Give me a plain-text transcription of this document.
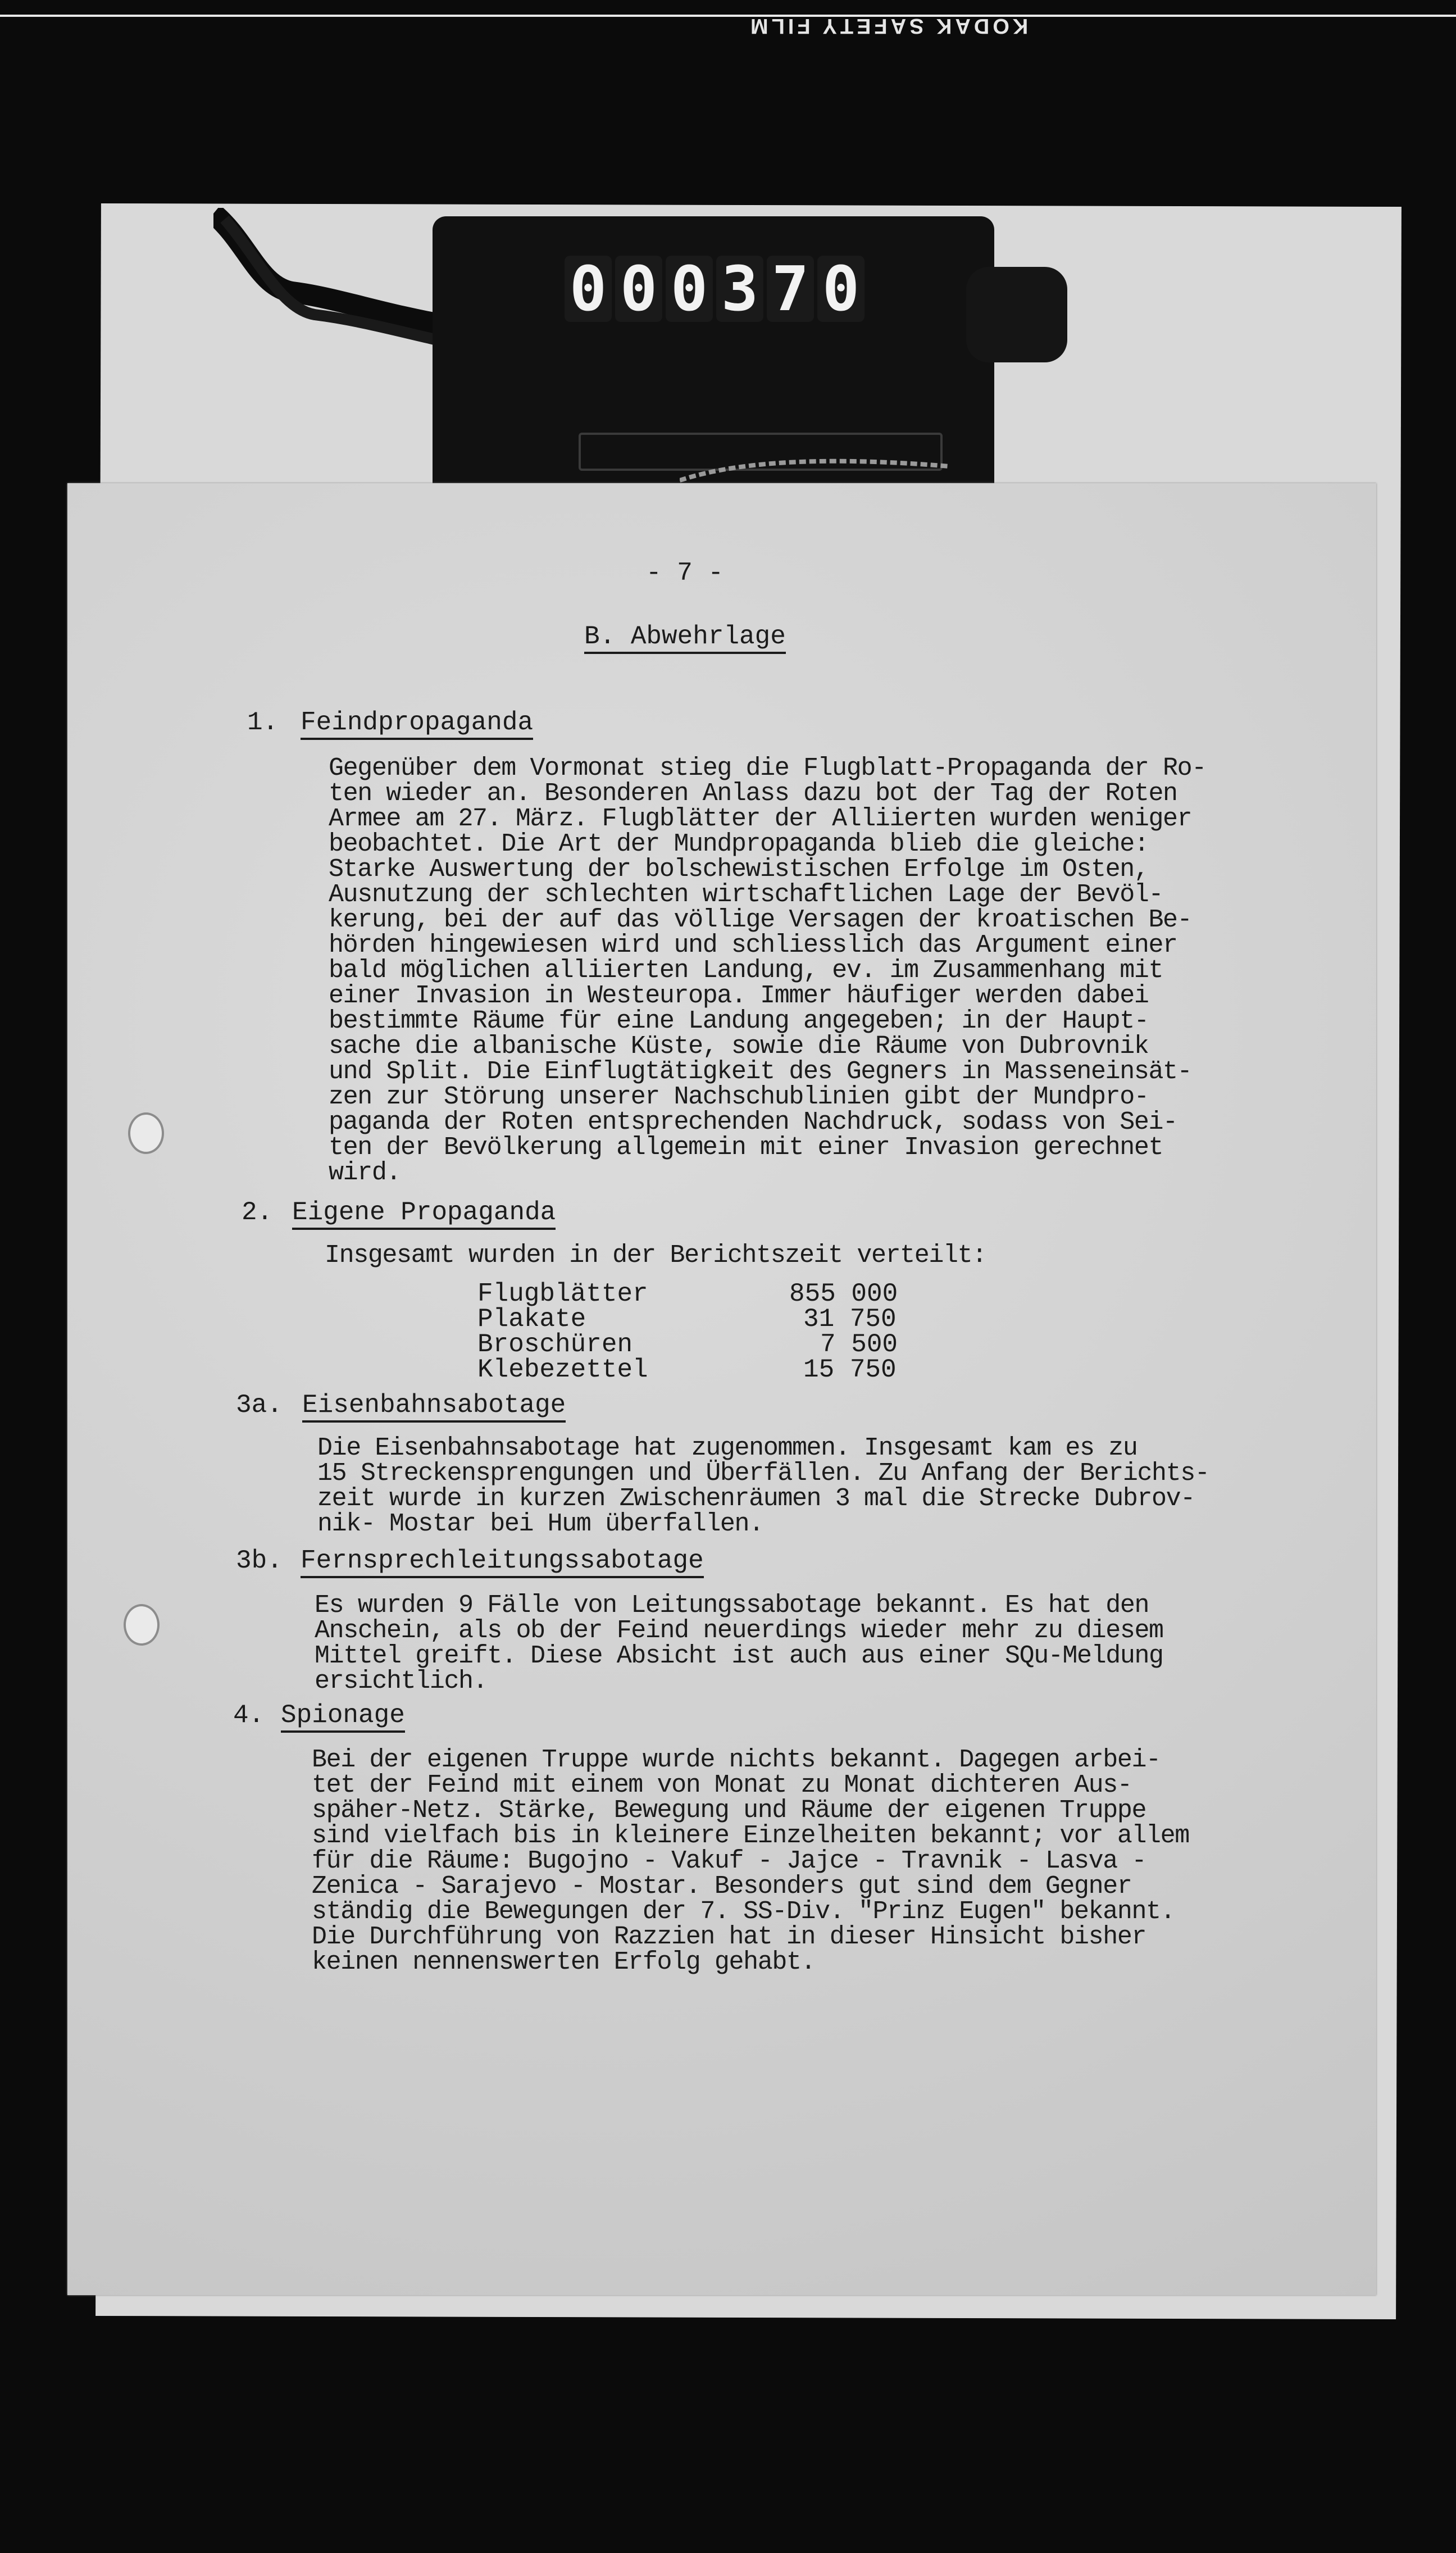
KODAK SAFETY FILM
0 0 0 3 7 0
- 7 -
B. Abwehrlage
1. Feindpropaganda
Gegenüber dem Vormonat stieg die Flugblatt-Propaganda der Ro-
ten wieder an. Besonderen Anlass dazu bot der Tag der Roten
Armee am 27. März. Flugblätter der Alliierten wurden weniger
beobachtet. Die Art der Mundpropaganda blieb die gleiche:
Starke Auswertung der bolschewistischen Erfolge im Osten,
Ausnutzung der schlechten wirtschaftlichen Lage der Bevöl-
kerung, bei der auf das völlige Versagen der kroatischen Be-
hörden hingewiesen wird und schliesslich das Argument einer
bald möglichen alliierten Landung, ev. im Zusammenhang mit
einer Invasion in Westeuropa. Immer häufiger werden dabei
bestimmte Räume für eine Landung angegeben; in der Haupt-
sache die albanische Küste, sowie die Räume von Dubrovnik
und Split. Die Einflugtätigkeit des Gegners in Masseneinsät-
zen zur Störung unserer Nachschublinien gibt der Mundpro-
paganda der Roten entsprechenden Nachdruck, sodass von Sei-
ten der Bevölkerung allgemein mit einer Invasion gerechnet
wird.
2. Eigene Propaganda
Insgesamt wurden in der Berichtszeit verteilt:
Flugblätter	855 000
Plakate	31 750
Broschüren	7 500
Klebezettel	15 750
3a. Eisenbahnsabotage
Die Eisenbahnsabotage hat zugenommen. Insgesamt kam es zu
15 Streckensprengungen und Überfällen. Zu Anfang der Berichts-
zeit wurde in kurzen Zwischenräumen 3 mal die Strecke Dubrov-
nik- Mostar bei Hum überfallen.
3b. Fernsprechleitungssabotage
Es wurden 9 Fälle von Leitungssabotage bekannt. Es hat den
Anschein, als ob der Feind neuerdings wieder mehr zu diesem
Mittel greift. Diese Absicht ist auch aus einer SQu-Meldung
ersichtlich.
4. Spionage
Bei der eigenen Truppe wurde nichts bekannt. Dagegen arbei-
tet der Feind mit einem von Monat zu Monat dichteren Aus-
späher-Netz. Stärke, Bewegung und Räume der eigenen Truppe
sind vielfach bis in kleinere Einzelheiten bekannt; vor allem
für die Räume: Bugojno - Vakuf - Jajce - Travnik - Lasva -
Zenica - Sarajevo - Mostar. Besonders gut sind dem Gegner
ständig die Bewegungen der 7. SS-Div. "Prinz Eugen" bekannt.
Die Durchführung von Razzien hat in dieser Hinsicht bisher
keinen nennenswerten Erfolg gehabt.
